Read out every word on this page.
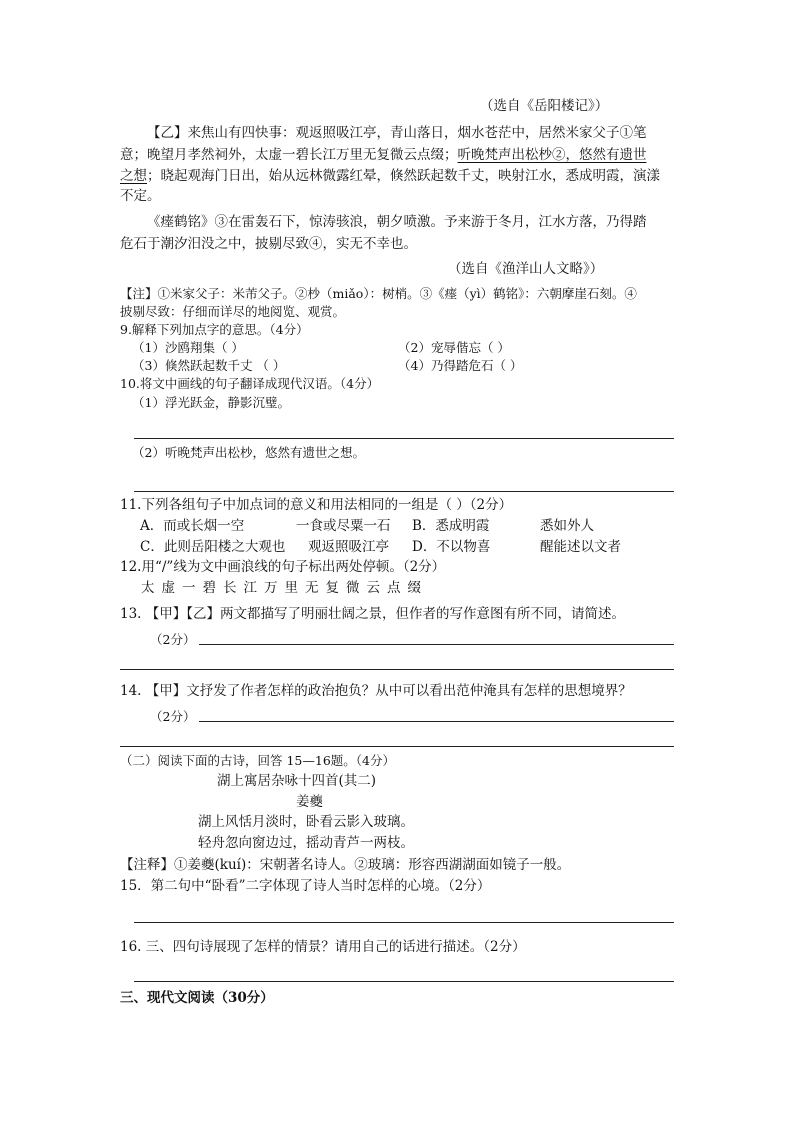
（选自《岳阳楼记》）
【乙】来焦山有四快事：观返照吸江亭，青山落日，烟水苍茫中，居然米家父子①笔
意；晚望月孝然祠外，太虚一碧长江万里无复微云点缀；听晚梵声出松杪②，悠然有遗世
之想；晓起观海门日出，始从远林微露红晕，倏然跃起数千丈，映射江水，悉成明霞，演漾
不定。
《瘗鹤铭》③在雷轰石下，惊涛骇浪，朝夕喷激。予来游于冬月，江水方落，乃得踏
危石于潮汐汨没之中，披剔尽致④，实无不幸也。
（选自《渔洋山人文略》）
【注】①米家父子：米芾父子。②杪（miǎo）：树梢。③《瘗（yì）鹤铭》：六朝摩崖石刻。④
披剔尽致：仔细而详尽的地阅览、观赏。
9.解释下列加点字的意思。（4分）
（1）沙鸥翔集（ ）	（2）宠辱偕忘（ ）
（3）倏然跃起数千丈 （ ）	（4）乃得踏危石（ ）
10.将文中画线的句子翻译成现代汉语。（4分）
（1）浮光跃金，静影沉璧。
（2）听晚梵声出松杪，悠然有遗世之想。
11.下列各组句子中加点词的意义和用法相同的一组是（ ）（2分）
A．而或长烟一空	一食或尽粟一石 B．悉成明霞	悉如外人
C．此则岳阳楼之大观也 观返照吸江亭 D．不以物喜	醒能述以文者
12.用“/”线为文中画浪线的句子标出两处停顿。（2分）
太虚一碧长江万里无复微云点缀
13. 【甲】【乙】两文都描写了明丽壮阔之景，但作者的写作意图有所不同，请简述。
（2分）
14. 【甲】文抒发了作者怎样的政治抱负？从中可以看出范仲淹具有怎样的思想境界？
（2分）
（二）阅读下面的古诗，回答 15—16题。（4分）
湖上寓居杂咏十四首(其二)
姜夔
湖上风恬月淡时，卧看云影入玻璃。
轻舟忽向窗边过，摇动青芦一两枝。
【注释】①姜夔(kuí)：宋朝著名诗人。②玻璃：形容西湖湖面如镜子一般。
15．第二句中“卧看”二字体现了诗人当时怎样的心境。（2分）
16. 三、四句诗展现了怎样的情景？请用自己的话进行描述。（2分）
三、现代文阅读（30分）
